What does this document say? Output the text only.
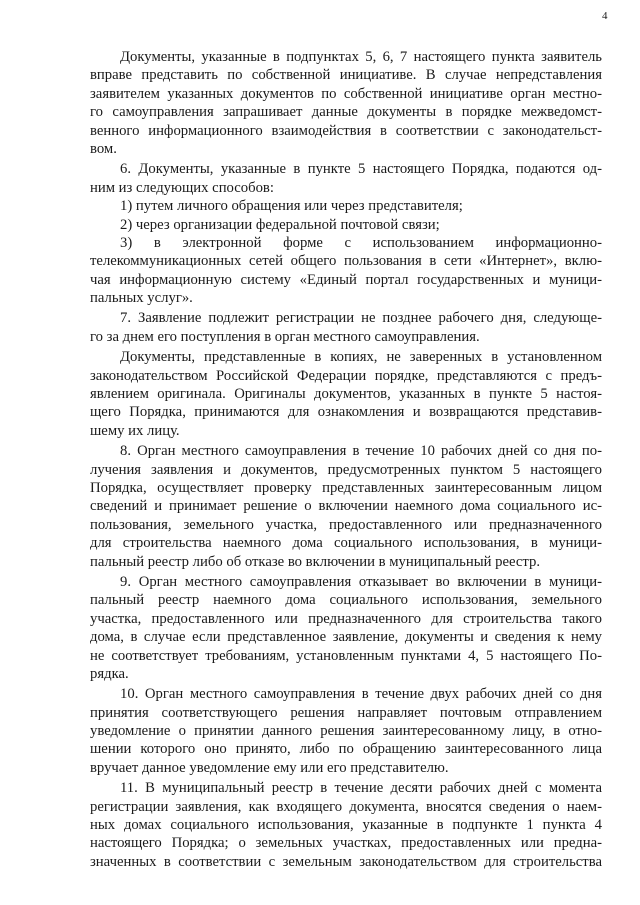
4
Документы, указанные в подпунктах 5, 6, 7 настоящего пункта заявитель
вправе представить по собственной инициативе. В случае непредставления
заявителем указанных документов по собственной инициативе орган местно-
го самоуправления запрашивает данные документы в порядке межведомст-
венного информационного взаимодействия в соответствии с законодательст-
вом.
6. Документы, указанные в пункте 5 настоящего Порядка, подаются од-
ним из следующих способов:
1) путем личного обращения или через представителя;
2) через организации федеральной почтовой связи;
3) в электронной форме с использованием информационно-
телекоммуникационных сетей общего пользования в сети «Интернет», вклю-
чая информационную систему «Единый портал государственных и муници-
пальных услуг».
7. Заявление подлежит регистрации не позднее рабочего дня, следующе-
го за днем его поступления в орган местного самоуправления.
Документы, представленные в копиях, не заверенных в установленном
законодательством Российской Федерации порядке, представляются с предъ-
явлением оригинала. Оригиналы документов, указанных в пункте 5 настоя-
щего Порядка, принимаются для ознакомления и возвращаются представив-
шему их лицу.
8. Орган местного самоуправления в течение 10 рабочих дней со дня по-
лучения заявления и документов, предусмотренных пунктом 5 настоящего
Порядка, осуществляет проверку представленных заинтересованным лицом
сведений и принимает решение о включении наемного дома социального ис-
пользования, земельного участка, предоставленного или предназначенного
для строительства наемного дома социального использования, в муници-
пальный реестр либо об отказе во включении в муниципальный реестр.
9. Орган местного самоуправления отказывает во включении в муници-
пальный реестр наемного дома социального использования, земельного
участка, предоставленного или предназначенного для строительства такого
дома, в случае если представленное заявление, документы и сведения к нему
не соответствует требованиям, установленным пунктами 4, 5 настоящего По-
рядка.
10. Орган местного самоуправления в течение двух рабочих дней со дня
принятия соответствующего решения направляет почтовым отправлением
уведомление о принятии данного решения заинтересованному лицу, в отно-
шении которого оно принято, либо по обращению заинтересованного лица
вручает данное уведомление ему или его представителю.
11. В муниципальный реестр в течение десяти рабочих дней с момента
регистрации заявления, как входящего документа, вносятся сведения о наем-
ных домах социального использования, указанные в подпункте 1 пункта 4
настоящего Порядка; о земельных участках, предоставленных или предна-
значенных в соответствии с земельным законодательством для строительства
